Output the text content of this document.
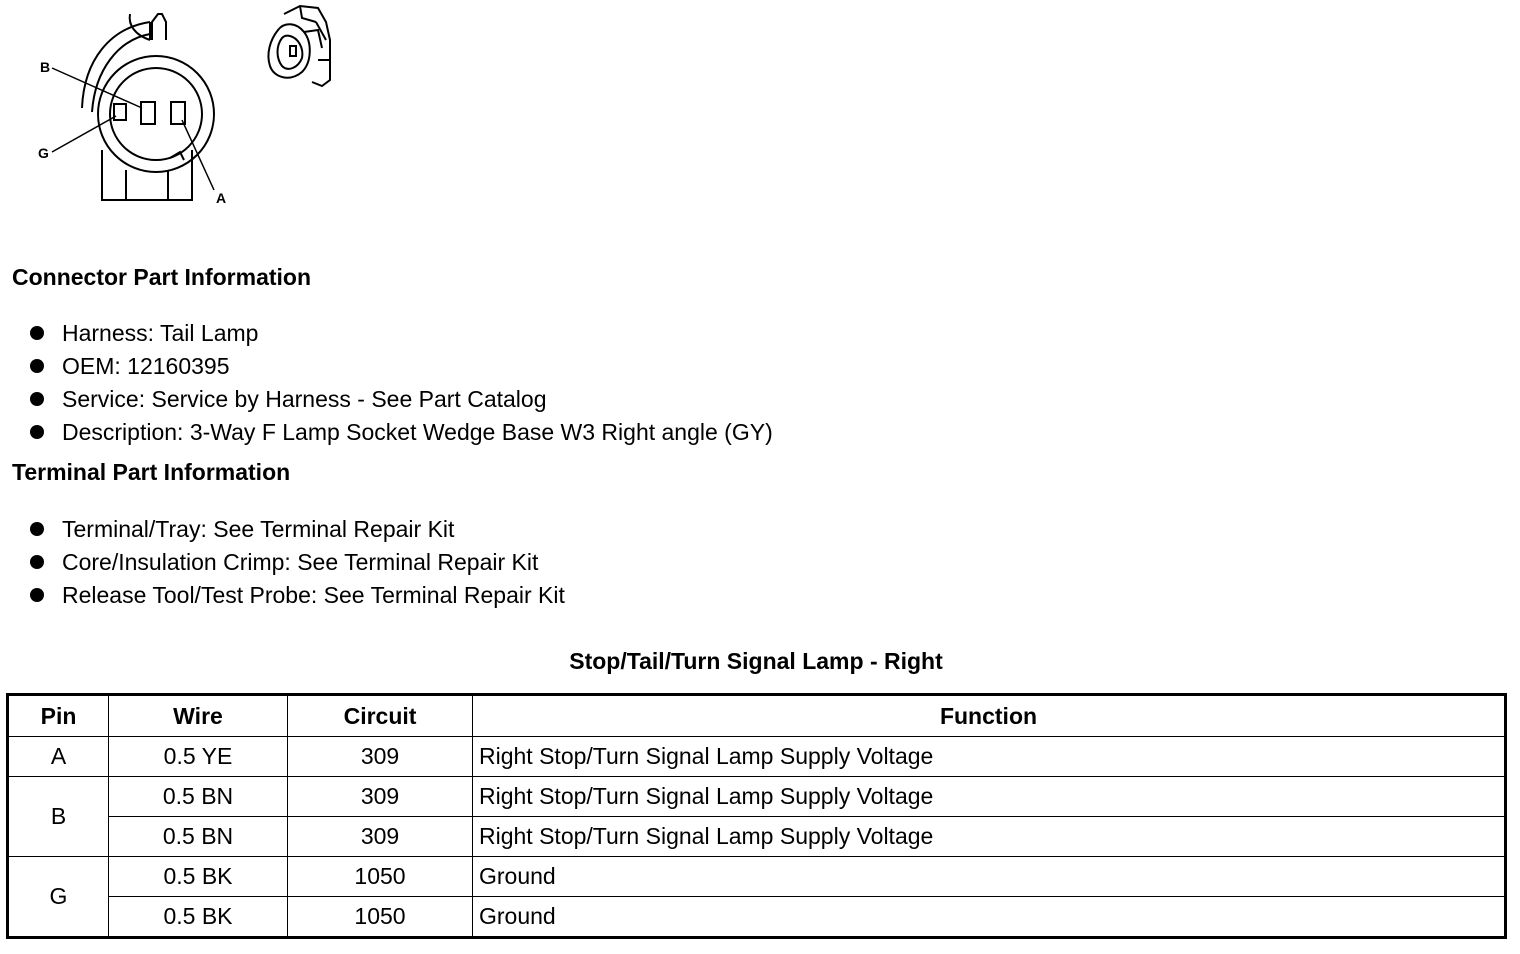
B
G
A
Connector Part Information
Harness: Tail Lamp
OEM: 12160395
Service: Service by Harness - See Part Catalog
Description: 3-Way F Lamp Socket Wedge Base W3 Right angle (GY)
Terminal Part Information
Terminal/Tray: See Terminal Repair Kit
Core/Insulation Crimp: See Terminal Repair Kit
Release Tool/Test Probe: See Terminal Repair Kit
Stop/Tail/Turn Signal Lamp - Right
Pin	Wire	Circuit	Function
A	0.5 YE	309	Right Stop/Turn Signal Lamp Supply Voltage
B	0.5 BN	309	Right Stop/Turn Signal Lamp Supply Voltage
	0.5 BN	309	Right Stop/Turn Signal Lamp Supply Voltage
G	0.5 BK	1050	Ground
	0.5 BK	1050	Ground
